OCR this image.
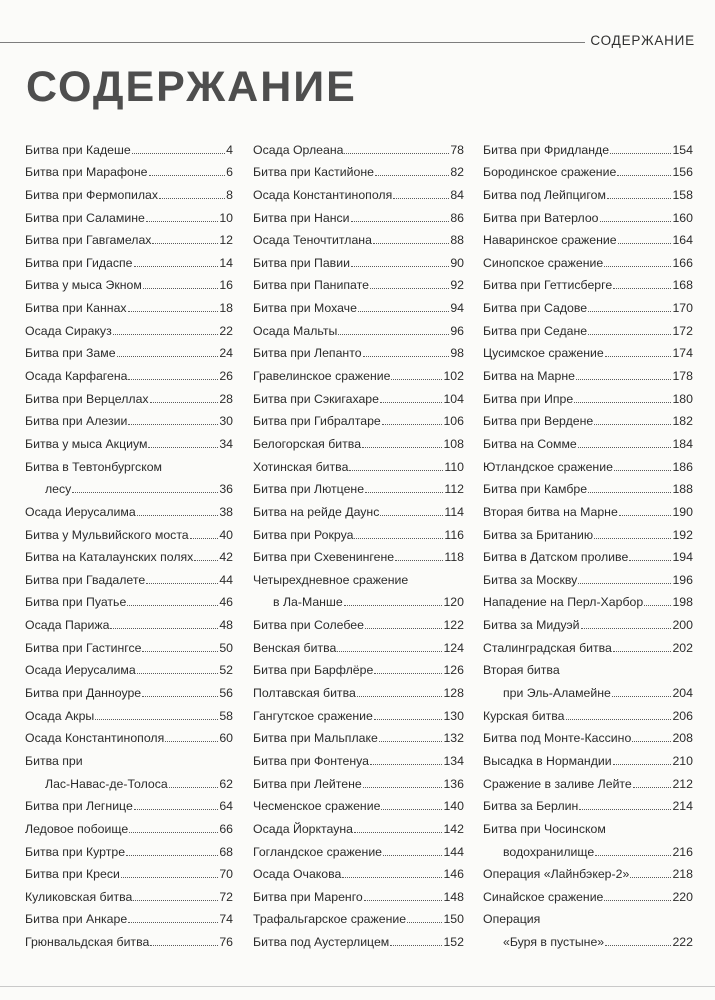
СОДЕРЖАНИЕ
СОДЕРЖАНИЕ
Битва при Кадеше	4
Битва при Марафоне	6
Битва при Фермопилах	8
Битва при Саламине	10
Битва при Гавгамелах	12
Битва при Гидаспе	14
Битва у мыса Экном	16
Битва при Каннах	18
Осада Сиракуз	22
Битва при Заме	24
Осада Карфагена	26
Битва при Верцеллах	28
Битва при Алезии	30
Битва у мыса Акциум	34
Битва в Тевтонбургском
лесу	36
Осада Иерусалима	38
Битва у Мульвийского моста 40
Битва на Каталаунских полях 42
Битва при Гвадалете	44
Битва при Пуатье	46
Осада Парижа	48
Битва при Гастингсе	50
Осада Иерусалима	52
Битва при Данноуре	56
Осада Акры	58
Осада Константинополя	60
Битва при
Лас-Навас-де-Толоса	62
Битва при Легнице	64
Ледовое побоище	66
Битва при Куртре	68
Битва при Креси	70
Куликовская битва	72
Битва при Анкаре	74
Грюнвальдская битва	76
Осада Орлеана	78
Битва при Кастийоне	82
Осада Константинополя	84
Битва при Нанси	86
Осада Теночтитлана	88
Битва при Павии	90
Битва при Панипате	92
Битва при Мохаче	94
Осада Мальты	96
Битва при Лепанто	98
Гравелинское сражение	102
Битва при Сэкигахаре	104
Битва при Гибралтаре	106
Белогорская битва	108
Хотинская битва	110
Битва при Лютцене	112
Битва на рейде Даунс	114
Битва при Рокруа	116
Битва при Схевенингене	118
Четырехдневное сражение
в Ла-Манше	120
Битва при Солебее	122
Венская битва	124
Битва при Барфлёре	126
Полтавская битва	128
Гангутское сражение	130
Битва при Мальплаке	132
Битва при Фонтенуа	134
Битва при Лейтене	136
Чесменское сражение	140
Осада Йорктауна	142
Гогландское сражение	144
Осада Очакова	146
Битва при Маренго	148
Трафальгарское сражение	150
Битва под Аустерлицем	152
Битва при Фридланде	154
Бородинское сражение	156
Битва под Лейпцигом	158
Битва при Ватерлоо	160
Наваринское сражение	164
Синопское сражение	166
Битва при Геттисберге	168
Битва при Садове	170
Битва при Седане	172
Цусимское сражение	174
Битва на Марне	178
Битва при Ипре	180
Битва при Вердене	182
Битва на Сомме	184
Ютландское сражение	186
Битва при Камбре	188
Вторая битва на Марне	190
Битва за Британию	192
Битва в Датском проливе	194
Битва за Москву	196
Нападение на Перл-Харбор 198
Битва за Мидуэй	200
Сталинградская битва	202
Вторая битва
при Эль-Аламейне	204
Курская битва	206
Битва под Монте-Кассино	208
Высадка в Нормандии	210
Сражение в заливе Лейте	212
Битва за Берлин	214
Битва при Чосинском
водохранилище	216
Операция «Лайнбэкер-2»	218
Синайское сражение	220
Операция
«Буря в пустыне»	222
